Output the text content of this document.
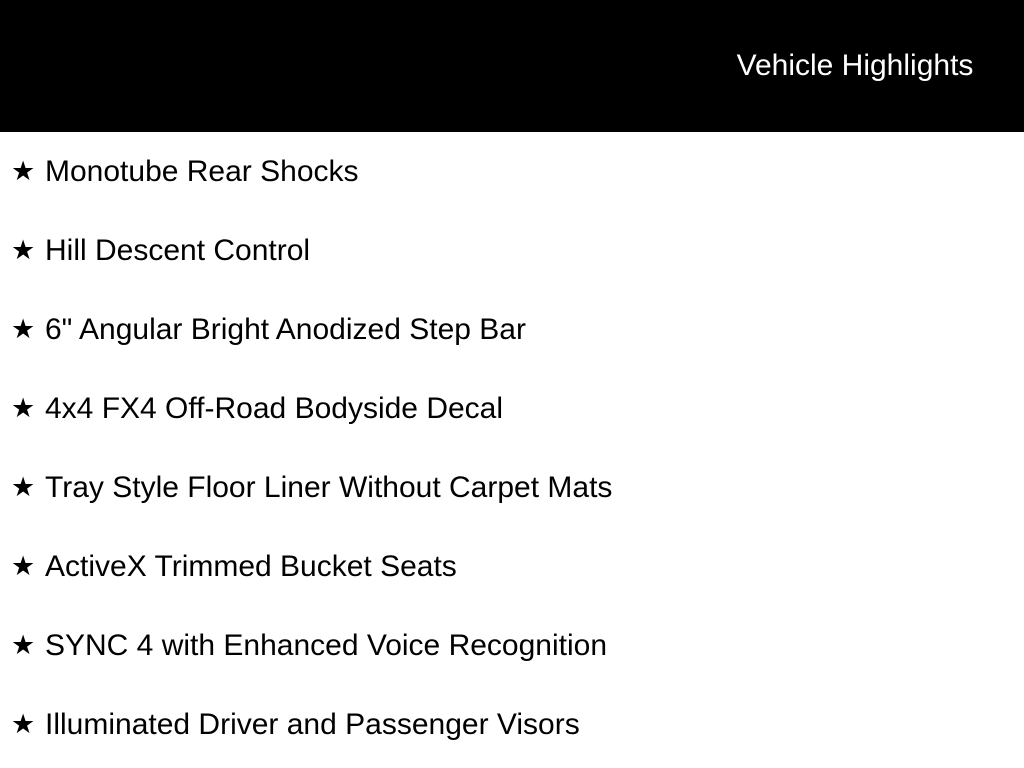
Vehicle Highlights
★ Monotube Rear Shocks
★ Hill Descent Control
★ 6" Angular Bright Anodized Step Bar
★ 4x4 FX4 Off-Road Bodyside Decal
★ Tray Style Floor Liner Without Carpet Mats
★ ActiveX Trimmed Bucket Seats
★ SYNC 4 with Enhanced Voice Recognition
★ Illuminated Driver and Passenger Visors
